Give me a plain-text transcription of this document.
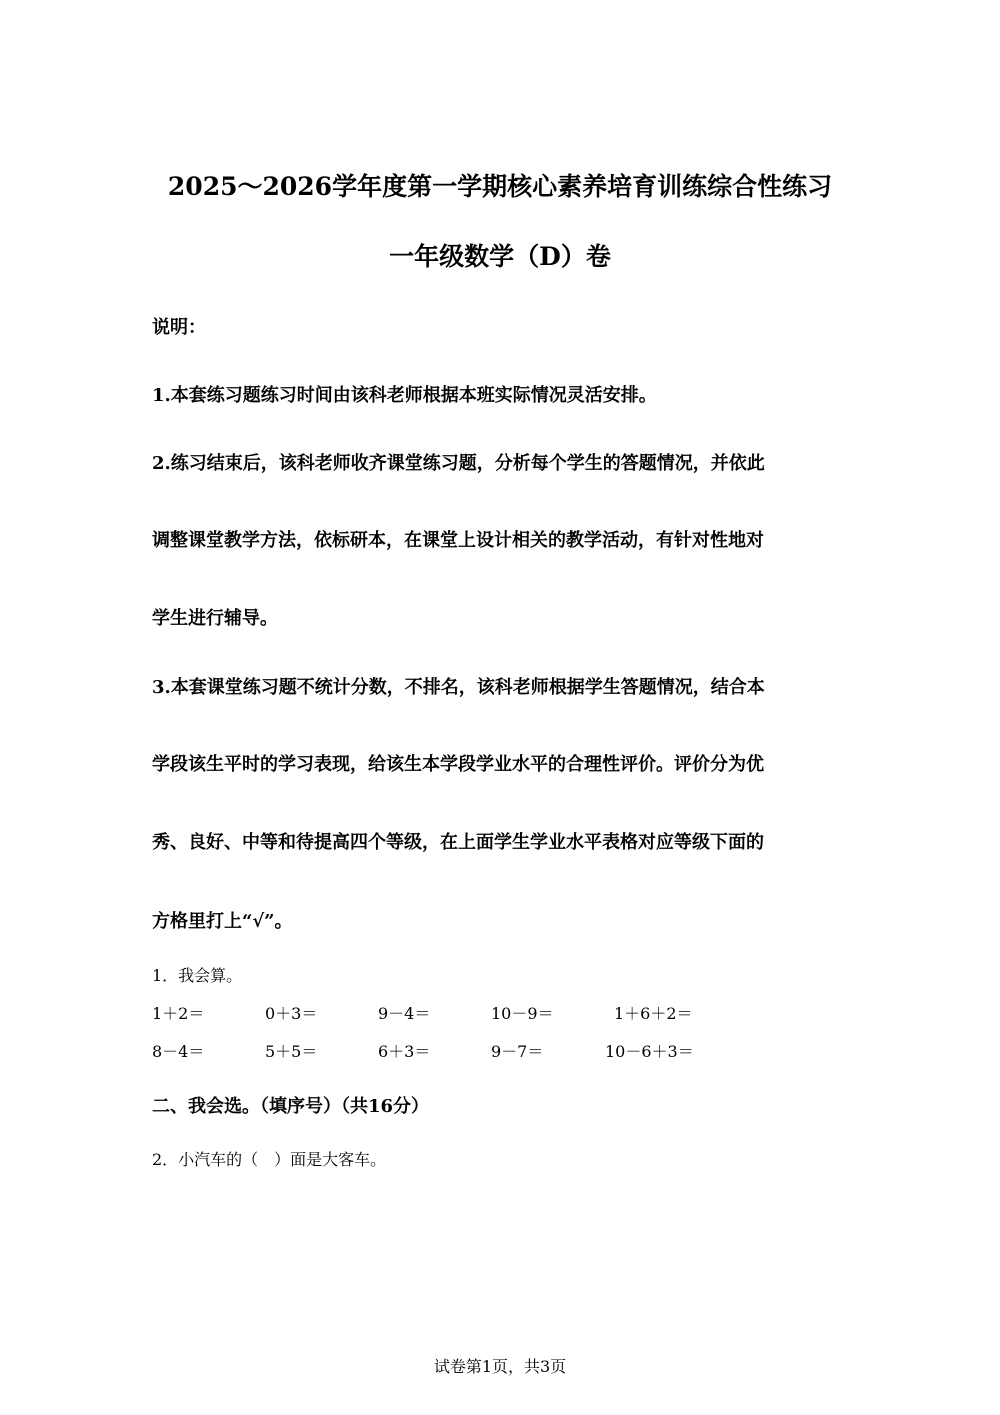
2025～2026学年度第一学期核心素养培育训练综合性练习
一年级数学（D）卷
说明：
1.本套练习题练习时间由该科老师根据本班实际情况灵活安排。
2.练习结束后，该科老师收齐课堂练习题，分析每个学生的答题情况，并依此
调整课堂教学方法，依标研本，在课堂上设计相关的教学活动，有针对性地对
学生进行辅导。
3.本套课堂练习题不统计分数，不排名，该科老师根据学生答题情况，结合本
学段该生平时的学习表现，给该生本学段学业水平的合理性评价。评价分为优
秀、良好、中等和待提高四个等级，在上面学生学业水平表格对应等级下面的
方格里打上“√”。
1．我会算。
1＋2＝	0＋3＝	9－4＝	10－9＝	1＋6＋2＝
8－4＝	5＋5＝	6＋3＝	9－7＝	10－6＋3＝
二、我会选。（填序号）（共16分）
2．小汽车的（　）面是大客车。
试卷第1页，共3页
